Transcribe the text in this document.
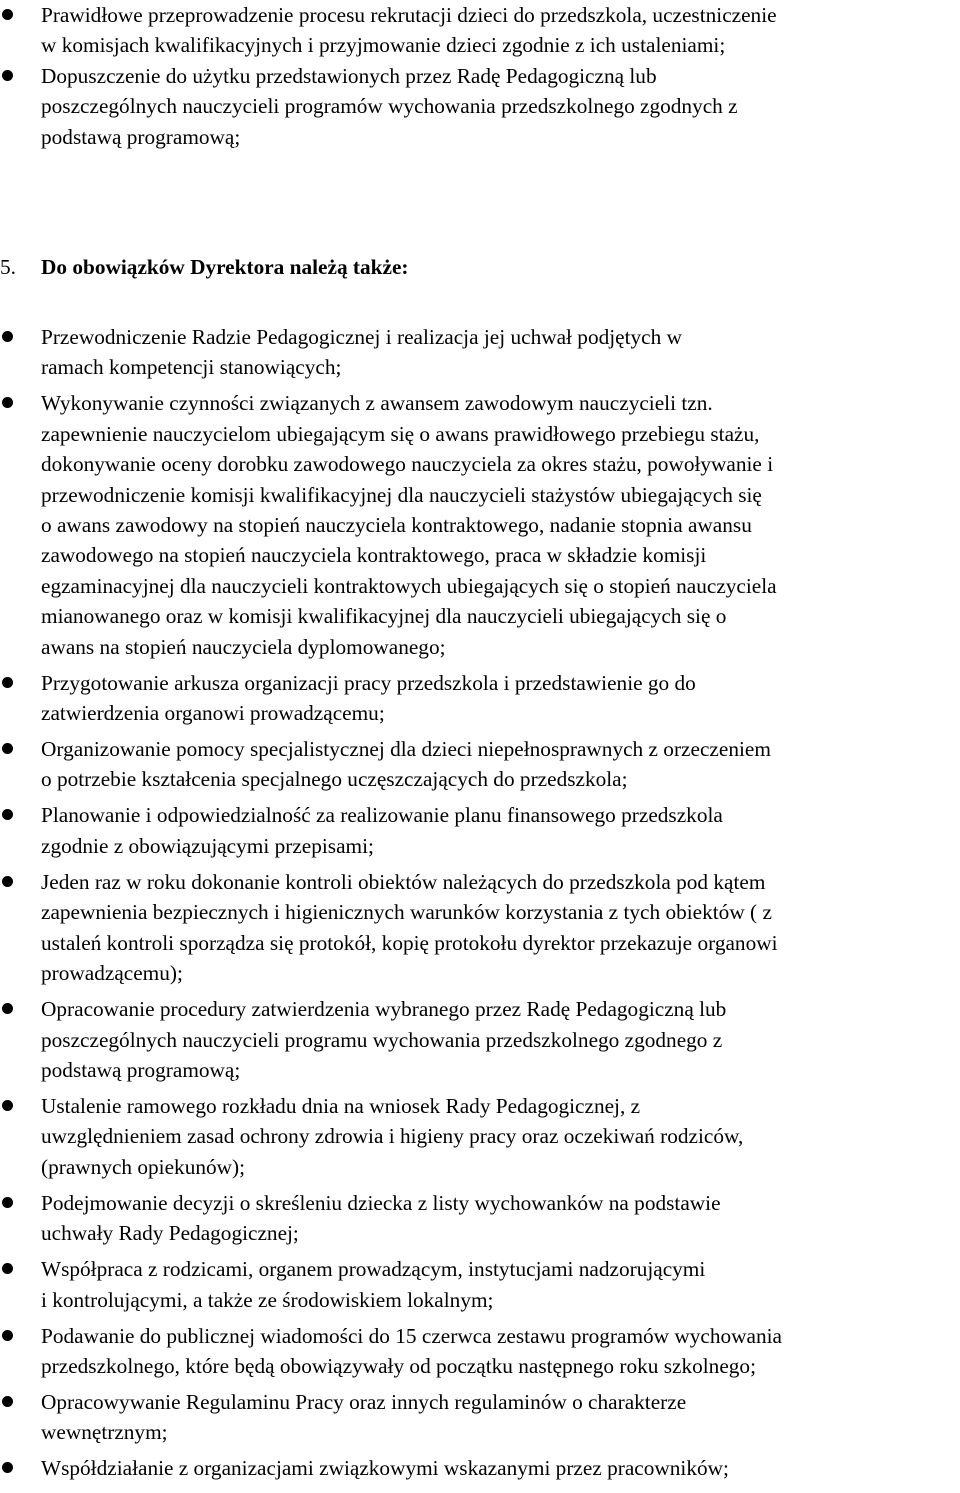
Prawidłowe przeprowadzenie procesu rekrutacji dzieci do przedszkola, uczestniczenie
w komisjach kwalifikacyjnych i przyjmowanie dzieci zgodnie z ich ustaleniami;
Dopuszczenie do użytku przedstawionych przez Radę Pedagogiczną lub
poszczególnych nauczycieli programów wychowania przedszkolnego zgodnych z
podstawą programową;
5. Do obowiązków Dyrektora należą także:
Przewodniczenie Radzie Pedagogicznej i realizacja jej uchwał podjętych w
ramach kompetencji stanowiących;
Wykonywanie czynności związanych z awansem zawodowym nauczycieli tzn.
zapewnienie nauczycielom ubiegającym się o awans prawidłowego przebiegu stażu,
dokonywanie oceny dorobku zawodowego nauczyciela za okres stażu, powoływanie i
przewodniczenie komisji kwalifikacyjnej dla nauczycieli stażystów ubiegających się
o awans zawodowy na stopień nauczyciela kontraktowego, nadanie stopnia awansu
zawodowego na stopień nauczyciela kontraktowego, praca w składzie komisji
egzaminacyjnej dla nauczycieli kontraktowych ubiegających się o stopień nauczyciela
mianowanego oraz w komisji kwalifikacyjnej dla nauczycieli ubiegających się o
awans na stopień nauczyciela dyplomowanego;
Przygotowanie arkusza organizacji pracy przedszkola i przedstawienie go do
zatwierdzenia organowi prowadzącemu;
Organizowanie pomocy specjalistycznej dla dzieci niepełnosprawnych z orzeczeniem
o potrzebie kształcenia specjalnego uczęszczających do przedszkola;
Planowanie i odpowiedzialność za realizowanie planu finansowego przedszkola
zgodnie z obowiązującymi przepisami;
Jeden raz w roku dokonanie kontroli obiektów należących do przedszkola pod kątem
zapewnienia bezpiecznych i higienicznych warunków korzystania z tych obiektów ( z
ustaleń kontroli sporządza się protokół, kopię protokołu dyrektor przekazuje organowi
prowadzącemu);
Opracowanie procedury zatwierdzenia wybranego przez Radę Pedagogiczną lub
poszczególnych nauczycieli programu wychowania przedszkolnego zgodnego z
podstawą programową;
Ustalenie ramowego rozkładu dnia na wniosek Rady Pedagogicznej, z
uwzględnieniem zasad ochrony zdrowia i higieny pracy oraz oczekiwań rodziców,
(prawnych opiekunów);
Podejmowanie decyzji o skreśleniu dziecka z listy wychowanków na podstawie
uchwały Rady Pedagogicznej;
Współpraca z rodzicami, organem prowadzącym, instytucjami nadzorującymi
i kontrolującymi, a także ze środowiskiem lokalnym;
Podawanie do publicznej wiadomości do 15 czerwca zestawu programów wychowania
przedszkolnego, które będą obowiązywały od początku następnego roku szkolnego;
Opracowywanie Regulaminu Pracy oraz innych regulaminów o charakterze
wewnętrznym;
Współdziałanie z organizacjami związkowymi wskazanymi przez pracowników;
